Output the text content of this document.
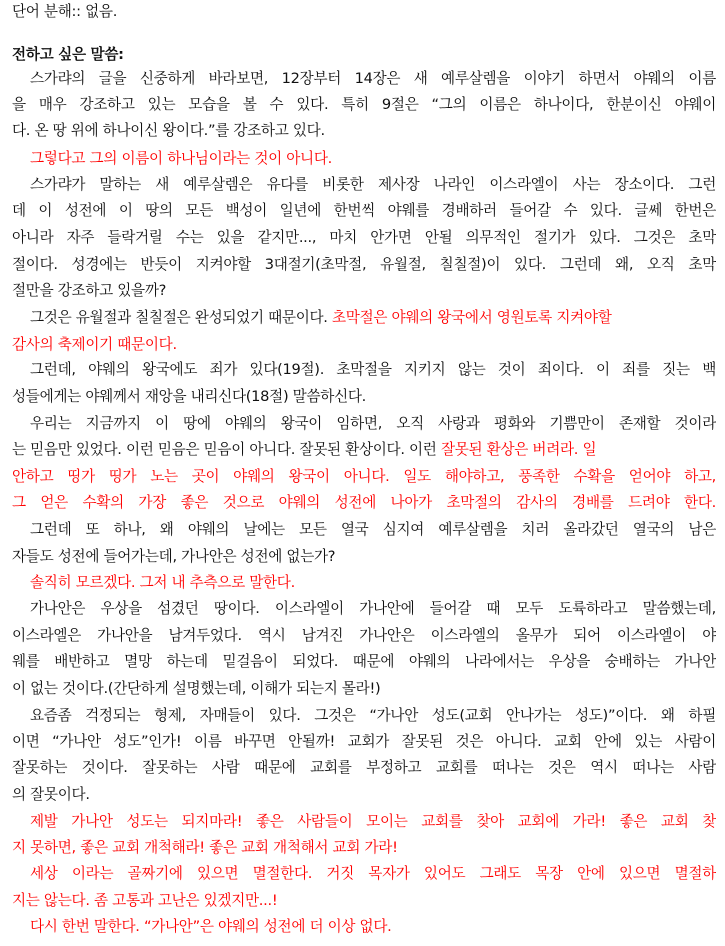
단어 분해:: 없음.
전하고 싶은 말씀:
스가랴의 글을 신중하게 바라보면, 12장부터 14장은 새 예루살렘을 이야기 하면서 야웨의 이름
을 매우 강조하고 있는 모습을 볼 수 있다. 특히 9절은 “그의 이름은 하나이다, 한분이신 야웨이
다. 온 땅 위에 하나이신 왕이다.”를 강조하고 있다.
그렇다고 그의 이름이 하나님이라는 것이 아니다.
스가랴가 말하는 새 예루살렘은 유다를 비롯한 제사장 나라인 이스라엘이 사는 장소이다. 그런
데 이 성전에 이 땅의 모든 백성이 일년에 한번씩 야웨를 경배하러 들어갈 수 있다. 글쎄 한번은
아니라 자주 들락거릴 수는 있을 같지만..., 마치 안가면 안될 의무적인 절기가 있다. 그것은 초막
절이다. 성경에는 반듯이 지켜야할 3대절기(초막절, 유월절, 칠칠절)이 있다. 그런데 왜, 오직 초막
절만을 강조하고 있을까?
그것은 유월절과 칠칠절은 완성되었기 때문이다. 초막절은 야웨의 왕국에서 영원토록 지켜야할
감사의 축제이기 때문이다.
그런데, 야웨의 왕국에도 죄가 있다(19절). 초막절을 지키지 않는 것이 죄이다. 이 죄를 짓는 백
성들에게는 야웨께서 재앙을 내리신다(18절) 말씀하신다.
우리는 지금까지 이 땅에 야웨의 왕국이 임하면, 오직 사랑과 평화와 기쁨만이 존재할 것이라
는 믿음만 있었다. 이런 믿음은 믿음이 아니다. 잘못된 환상이다. 이런 잘못된 환상은 버려라. 일
안하고 띵가 띵가 노는 곳이 야웨의 왕국이 아니다. 일도 해야하고, 풍족한 수확을 얻어야 하고,
그 얻은 수확의 가장 좋은 것으로 야웨의 성전에 나아가 초막절의 감사의 경배를 드려야 한다.
그런데 또 하나, 왜 야웨의 날에는 모든 열국 심지여 예루살렘을 치러 올라갔던 열국의 남은
자들도 성전에 들어가는데, 가나안은 성전에 없는가?
솔직히 모르겠다. 그저 내 추측으로 말한다.
가나안은 우상을 섬겼던 땅이다. 이스라엘이 가나안에 들어갈 때 모두 도륙하라고 말씀했는데,
이스라엘은 가나안을 남겨두었다. 역시 남겨진 가나안은 이스라엘의 올무가 되어 이스라엘이 야
웨를 배반하고 멸망 하는데 밑걸음이 되었다. 때문에 야웨의 나라에서는 우상을 숭배하는 가나안
이 없는 것이다.(간단하게 설명했는데, 이해가 되는지 몰라!)
요즘좀 걱정되는 형제, 자매들이 있다. 그것은 “가나안 성도(교회 안나가는 성도)”이다. 왜 하필
이면 “가나안 성도”인가! 이름 바꾸면 안될까! 교회가 잘못된 것은 아니다. 교회 안에 있는 사람이
잘못하는 것이다. 잘못하는 사람 때문에 교회를 부정하고 교회를 떠나는 것은 역시 떠나는 사람
의 잘못이다.
제발 가나안 성도는 되지마라! 좋은 사람들이 모이는 교회를 찾아 교회에 가라! 좋은 교회 찾
지 못하면, 좋은 교회 개척해라! 좋은 교회 개척해서 교회 가라!
세상 이라는 골짜기에 있으면 멸절한다. 거짓 목자가 있어도 그래도 목장 안에 있으면 멸절하
지는 않는다. 좀 고통과 고난은 있겠지만...!
다시 한번 말한다. “가나안”은 야웨의 성전에 더 이상 없다.
